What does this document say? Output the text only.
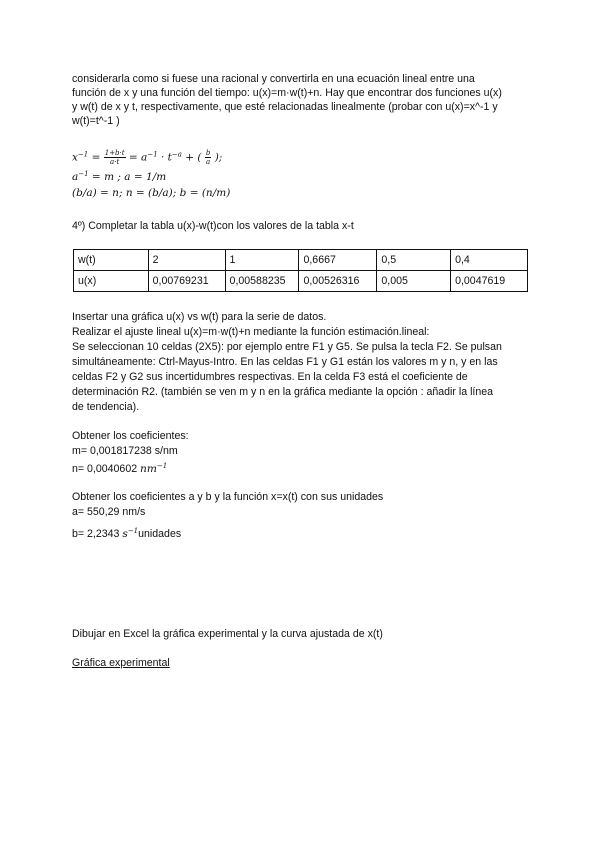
considerarla como si fuese una racional y convertirla en una ecuación lineal entre una
función de x y una función del tiempo: u(x)=m·w(t)+n. Hay que encontrar dos funciones u(x)
y w(t) de x y t, respectivamente, que esté relacionadas linealmente (probar con u(x)=x^-1 y
w(t)=t^-1 )
$x^{-1} = \frac{1+b\cdot t}{a\cdot t} = a^{-1} \cdot t^{-a}$ + ( $\frac{b}{a}$ );
$a^{-1} = m$ ; a = 1/m
(b/a) = n; n = (b/a); b = (n/m)
4º) Completar la tabla u(x)-w(t)con los valores de la tabla x-t
w(t)	2	1	0,6667	0,5	0,4
u(x)	0,00769231	0,00588235	0,00526316	0,005	0,0047619
Insertar una gráfica u(x) vs w(t) para la serie de datos.
Realizar el ajuste lineal u(x)=m·w(t)+n mediante la función estimación.lineal:
Se seleccionan 10 celdas (2X5): por ejemplo entre F1 y G5. Se pulsa la tecla F2. Se pulsan
simultáneamente: Ctrl-Mayus-Intro. En las celdas F1 y G1 están los valores m y n, y en las
celdas F2 y G2 sus incertidumbres respectivas. En la celda F3 está el coeficiente de
determinación R2. (también se ven m y n en la gráfica mediante la opción : añadir la línea
de tendencia).
Obtener los coeficientes:
m= 0,001817238 s/nm
n= 0,0040602 $nm^{-1}$
Obtener los coeficientes a y b y la función x=x(t) con sus unidades
a= 550,29 nm/s
b= 2,2343 $s^{-1}unidades$
Dibujar en Excel la gráfica experimental y la curva ajustada de x(t)
Gráfica experimental
